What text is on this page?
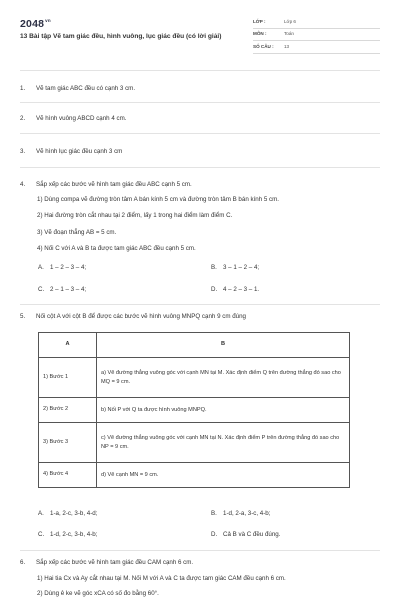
$2048^{vn}$
13 Bài tập Vẽ tam giác đều, hình vuông, lục giác đều (có lời giải)
LỚP :	Lớp 6
MÔN :	Toán
SỐ CÂU :	13
1.	Vẽ tam giác ABC đều có cạnh 3 cm.
2.	Vẽ hình vuông ABCD cạnh 4 cm.
3.	Vẽ hình lục giác đều cạnh 3 cm
4.	Sắp xếp các bước vẽ hình tam giác đều ABC cạnh 5 cm.
1) Dùng compa vẽ đường tròn tâm A bán kính 5 cm và đường tròn tâm B bán kính 5 cm.
2) Hai đường tròn cắt nhau tại 2 điểm, lấy 1 trong hai điểm làm điểm C.
3) Vẽ đoạn thẳng AB = 5 cm.
4) Nối C với A và B ta được tam giác ABC đều cạnh 5 cm.
A. 1 – 2 – 3 – 4;	B. 3 – 1 – 2 – 4;
C. 2 – 1 – 3 – 4;	D. 4 – 2 – 3 – 1.
5.	Nối cột A với cột B để được các bước vẽ hình vuông MNPQ cạnh 9 cm đúng
A	B
1) Bước 1	a) Vẽ đường thẳng vuông góc với cạnh MN tại M. Xác định điểm Q trên đường thẳng đó sao cho MQ = 9 cm.
2) Bước 2	b) Nối P với Q ta được hình vuông MNPQ.
3) Bước 3	c) Vẽ đường thẳng vuông góc với cạnh MN tại N. Xác định điểm P trên đường thẳng đó sao cho NP = 9 cm.
4) Bước 4	d) Vẽ cạnh MN = 9 cm.
A. 1-a, 2-c, 3-b, 4-d;	B. 1-d, 2-a, 3-c, 4-b;
C. 1-d, 2-c, 3-b, 4-b;	D. Cả B và C đều đúng.
6.	Sắp xếp các bước vẽ hình tam giác đều CAM cạnh 6 cm.
1) Hai tia Cx và Ay cắt nhau tại M. Nối M với A và C ta được tam giác CAM đều cạnh 6 cm.
2) Dùng ê ke vẽ góc xCA có số đo bằng 60°.
